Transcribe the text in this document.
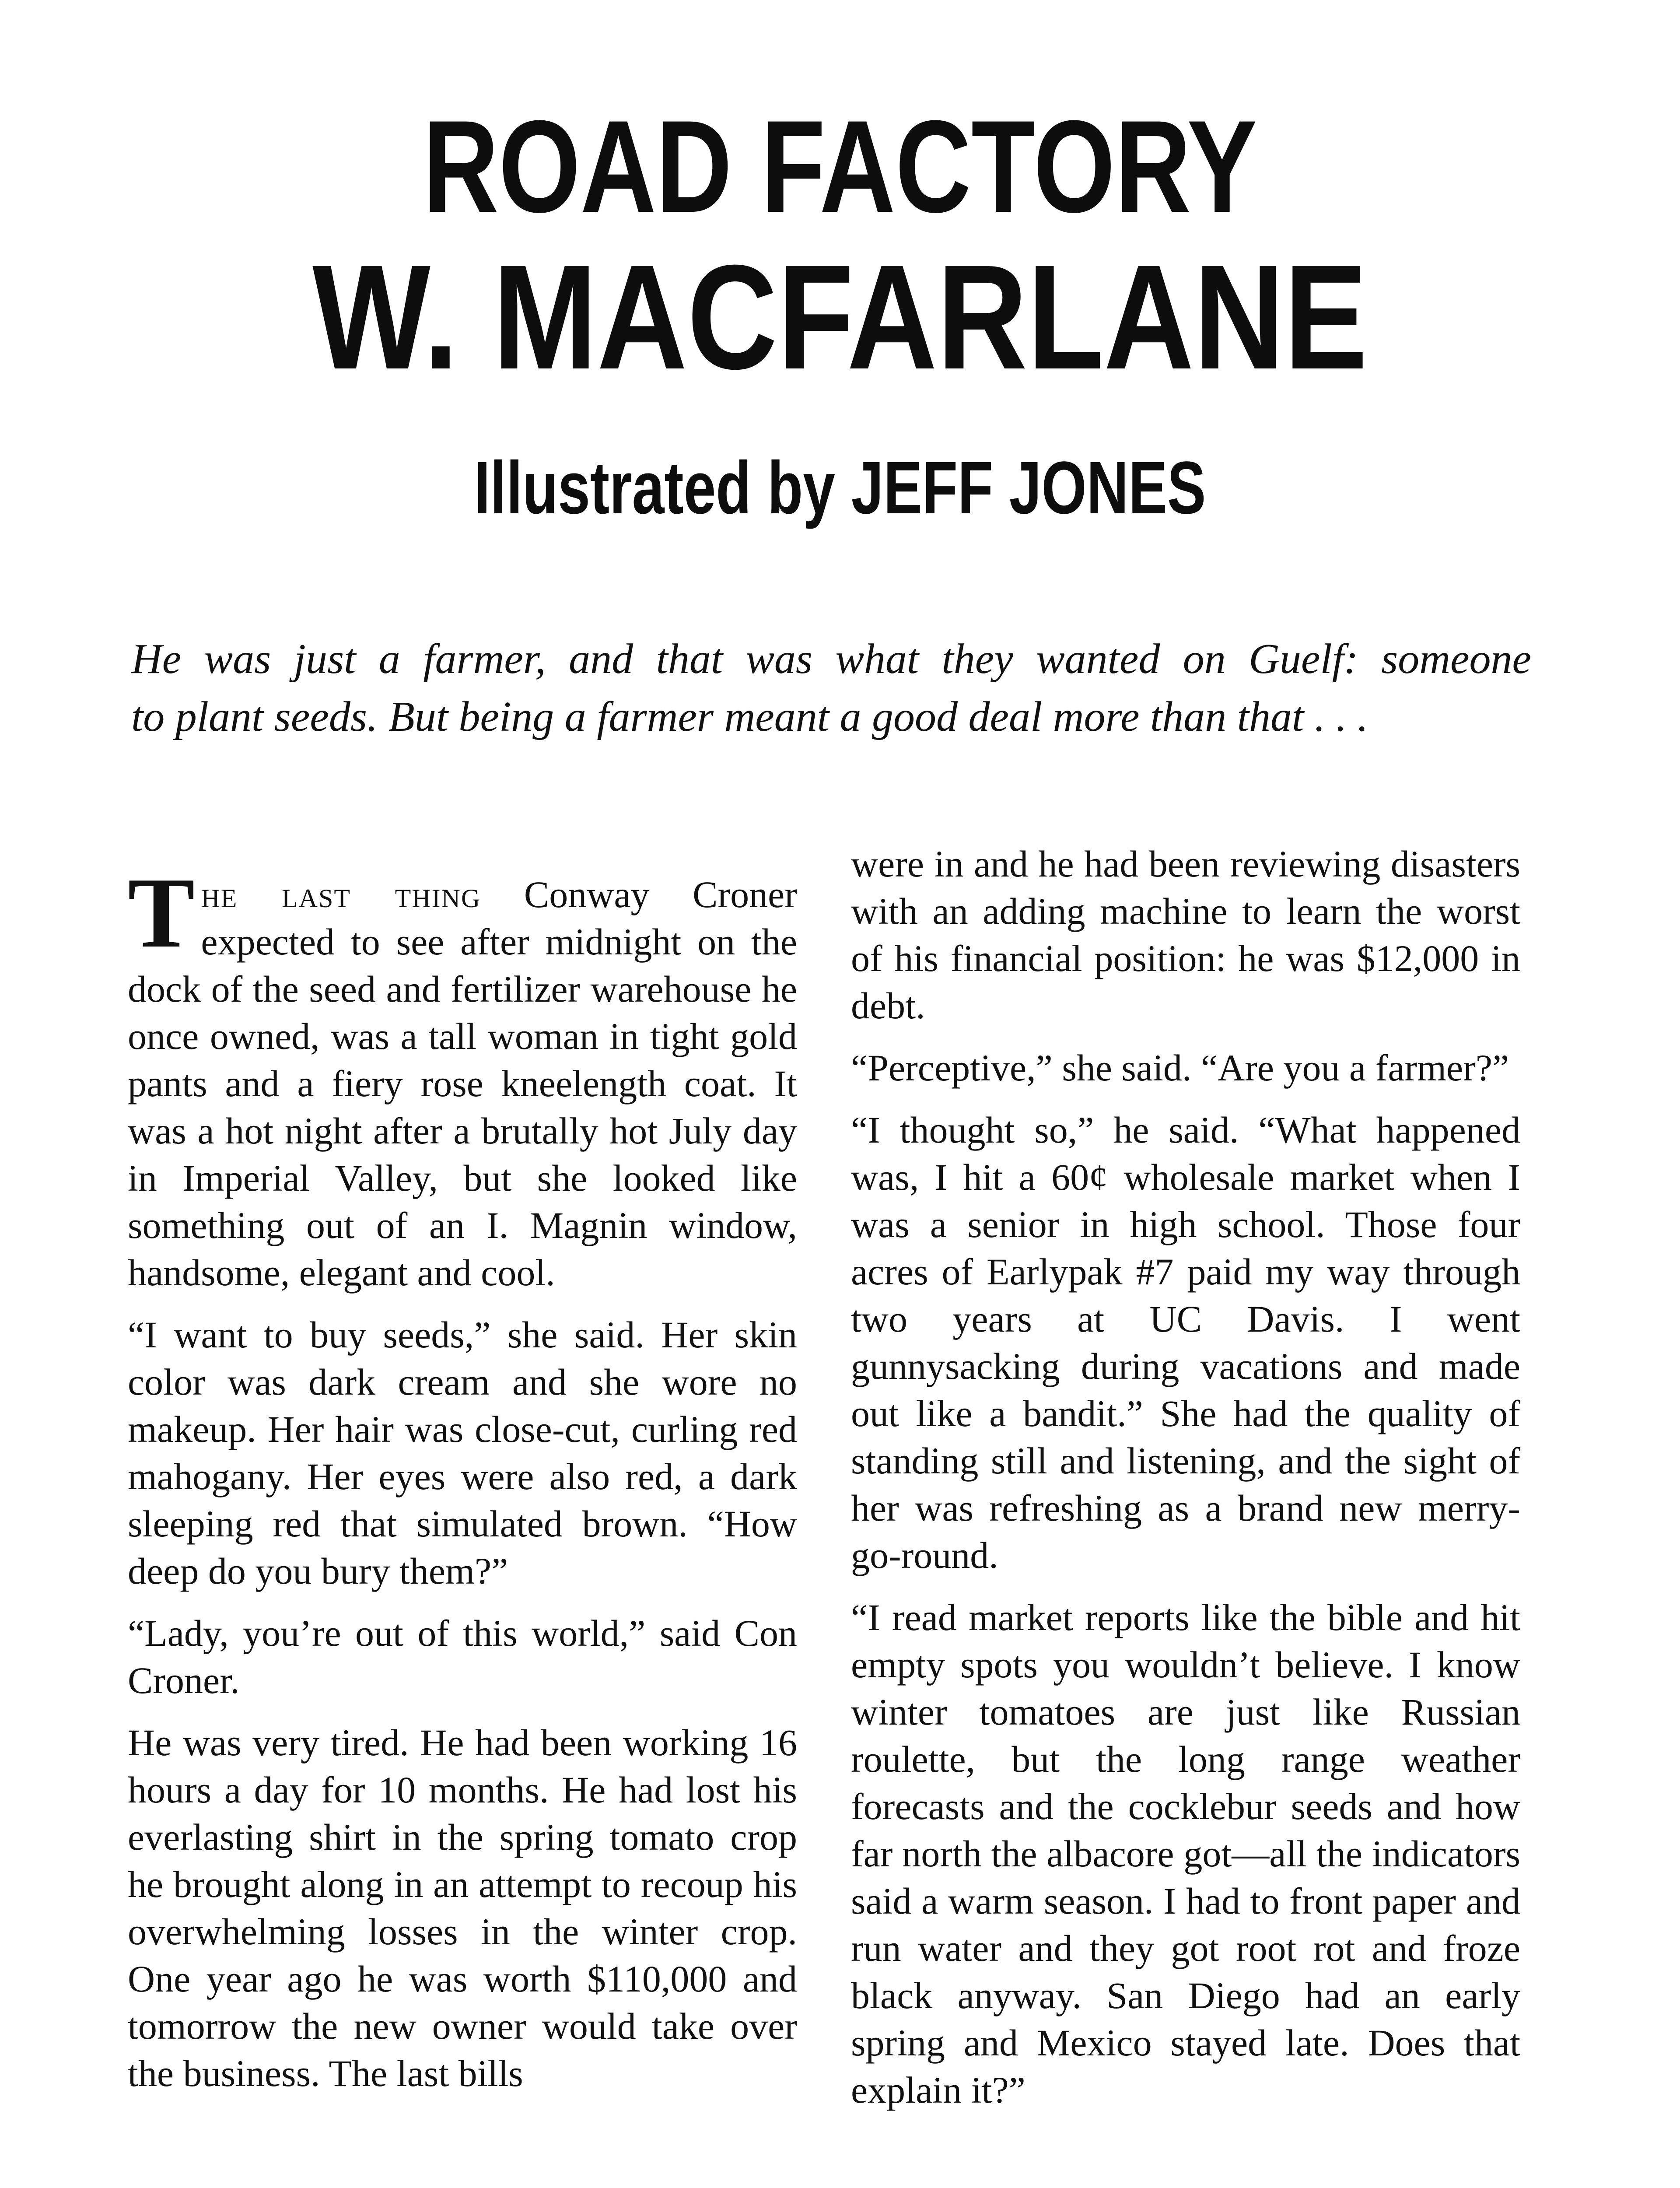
ROAD FACTORY
W. MACFARLANE
Illustrated by JEFF JONES

He was just a farmer, and that was what they wanted on Guelf: someone
to plant seeds. But being a farmer meant a good deal more than that . . .

The last thing Conway Croner expected to see after midnight on the dock of the seed and fertilizer warehouse he once owned, was a tall woman in tight gold pants and a fiery rose kneelength coat. It was a hot night after a brutally hot July day in Imperial Valley, but she looked like something out of an I. Magnin window, handsome, elegant and cool.

“I want to buy seeds,” she said. Her skin color was dark cream and she wore no makeup. Her hair was close-cut, curling red mahogany. Her eyes were also red, a dark sleeping red that simulated brown. “How deep do you bury them?”

“Lady, you’re out of this world,” said Con Croner.

He was very tired. He had been working 16 hours a day for 10 months. He had lost his everlasting shirt in the spring tomato crop he brought along in an attempt to recoup his overwhelming losses in the winter crop. One year ago he was worth $110,000 and tomorrow the new owner would take over the business. The last bills

were in and he had been reviewing disasters with an adding machine to learn the worst of his financial position: he was $12,000 in debt.

“Perceptive,” she said. “Are you a farmer?”

“I thought so,” he said. “What happened was, I hit a 60¢ wholesale market when I was a senior in high school. Those four acres of Earlypak #7 paid my way through two years at UC Davis. I went gunnysacking during vacations and made out like a bandit.” She had the quality of standing still and listening, and the sight of her was refreshing as a brand new merry-go-round.

“I read market reports like the bible and hit empty spots you wouldn’t believe. I know winter tomatoes are just like Russian roulette, but the long range weather forecasts and the cocklebur seeds and how far north the albacore got—all the indicators said a warm season. I had to front paper and run water and they got root rot and froze black anyway. San Diego had an early spring and Mexico stayed late. Does that explain it?”
